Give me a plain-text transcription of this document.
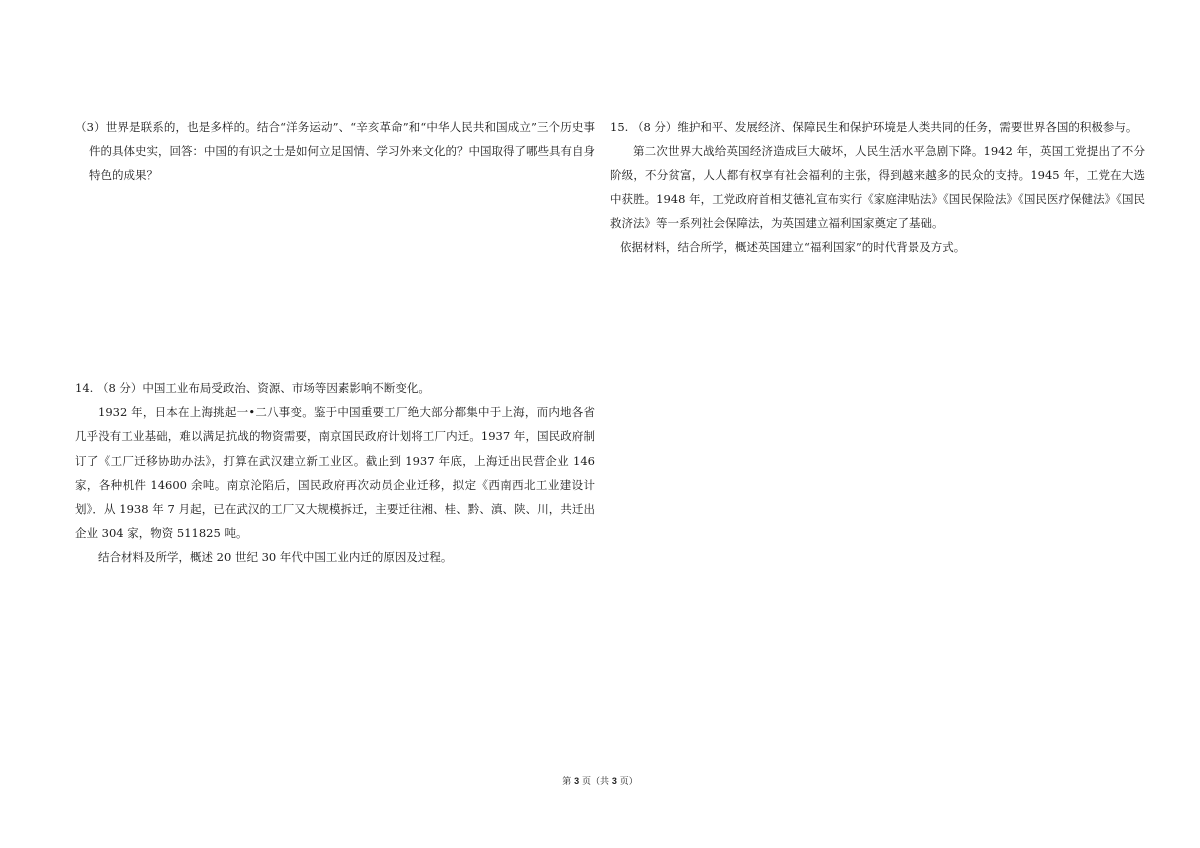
（3）世界是联系的，也是多样的。结合“洋务运动”、“辛亥革命”和“中华人民共和国成立”三个历史事件的具体史实，回答：中国的有识之士是如何立足国情、学习外来文化的？中国取得了哪些具有自身特色的成果？

14. （8 分）中国工业布局受政治、资源、市场等因素影响不断变化。

1932 年，日本在上海挑起一•二八事变。鉴于中国重要工厂绝大部分都集中于上海，而内地各省几乎没有工业基础，难以满足抗战的物资需要，南京国民政府计划将工厂内迁。1937 年，国民政府制订了《工厂迁移协助办法》，打算在武汉建立新工业区。截止到 1937 年底，上海迁出民营企业 146 家，各种机件 14600 余吨。南京沦陷后，国民政府再次动员企业迁移，拟定《西南西北工业建设计划》．从 1938 年 7 月起，已在武汉的工厂又大规模拆迁，主要迁往湘、桂、黔、滇、陕、川，共迁出企业 304 家，物资 511825 吨。

结合材料及所学，概述 20 世纪 30 年代中国工业内迁的原因及过程。

15. （8 分）维护和平、发展经济、保障民生和保护环境是人类共同的任务，需要世界各国的积极参与。

第二次世界大战给英国经济造成巨大破坏，人民生活水平急剧下降。1942 年，英国工党提出了不分阶级，不分贫富，人人都有权享有社会福利的主张，得到越来越多的民众的支持。1945 年，工党在大选中获胜。1948 年，工党政府首相艾德礼宣布实行《家庭津贴法》《国民保险法》《国民医疗保健法》《国民救济法》等一系列社会保障法，为英国建立福利国家奠定了基础。

依据材料，结合所学，概述英国建立“福利国家”的时代背景及方式。

第 3 页（共 3 页）
